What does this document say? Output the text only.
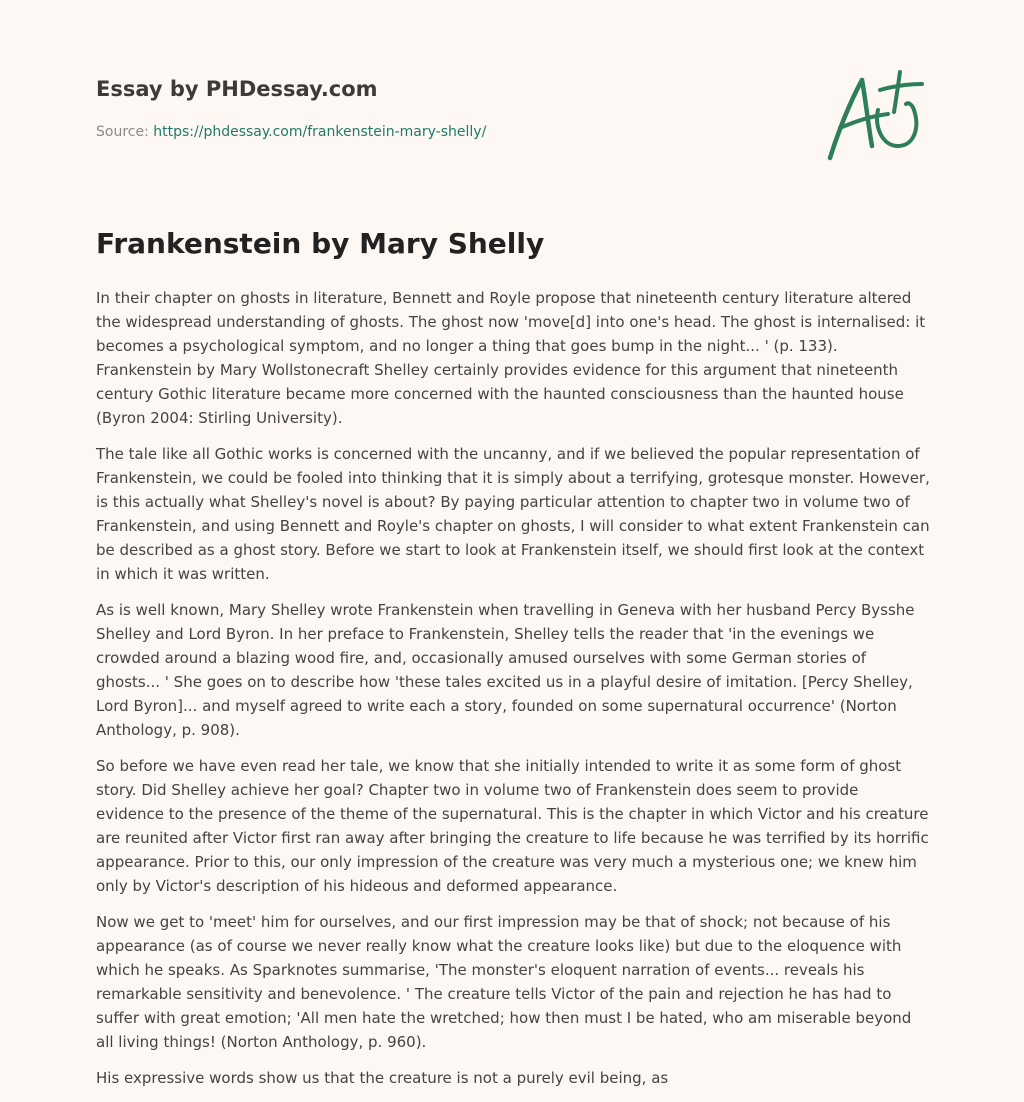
Essay by PHDessay.com
Source: https://phdessay.com/frankenstein-mary-shelly/
Frankenstein by Mary Shelly

In their chapter on ghosts in literature, Bennett and Royle propose that nineteenth century literature altered the widespread understanding of ghosts. The ghost now 'move[d] into one's head. The ghost is internalised: it becomes a psychological symptom, and no longer a thing that goes bump in the night... ' (p. 133). Frankenstein by Mary Wollstonecraft Shelley certainly provides evidence for this argument that nineteenth century Gothic literature became more concerned with the haunted consciousness than the haunted house (Byron 2004: Stirling University).

The tale like all Gothic works is concerned with the uncanny, and if we believed the popular representation of Frankenstein, we could be fooled into thinking that it is simply about a terrifying, grotesque monster. However, is this actually what Shelley's novel is about? By paying particular attention to chapter two in volume two of Frankenstein, and using Bennett and Royle's chapter on ghosts, I will consider to what extent Frankenstein can be described as a ghost story. Before we start to look at Frankenstein itself, we should first look at the context in which it was written.

As is well known, Mary Shelley wrote Frankenstein when travelling in Geneva with her husband Percy Bysshe Shelley and Lord Byron. In her preface to Frankenstein, Shelley tells the reader that 'in the evenings we crowded around a blazing wood fire, and, occasionally amused ourselves with some German stories of ghosts... ' She goes on to describe how 'these tales excited us in a playful desire of imitation. [Percy Shelley, Lord Byron]... and myself agreed to write each a story, founded on some supernatural occurrence' (Norton Anthology, p. 908).

So before we have even read her tale, we know that she initially intended to write it as some form of ghost story. Did Shelley achieve her goal? Chapter two in volume two of Frankenstein does seem to provide evidence to the presence of the theme of the supernatural. This is the chapter in which Victor and his creature are reunited after Victor first ran away after bringing the creature to life because he was terrified by its horrific appearance. Prior to this, our only impression of the creature was very much a mysterious one; we knew him only by Victor's description of his hideous and deformed appearance.

Now we get to 'meet' him for ourselves, and our first impression may be that of shock; not because of his appearance (as of course we never really know what the creature looks like) but due to the eloquence with which he speaks. As Sparknotes summarise, 'The monster's eloquent narration of events... reveals his remarkable sensitivity and benevolence. ' The creature tells Victor of the pain and rejection he has had to suffer with great emotion; 'All men hate the wretched; how then must I be hated, who am miserable beyond all living things! (Norton Anthology, p. 960).

His expressive words show us that the creature is not a purely evil being, as
